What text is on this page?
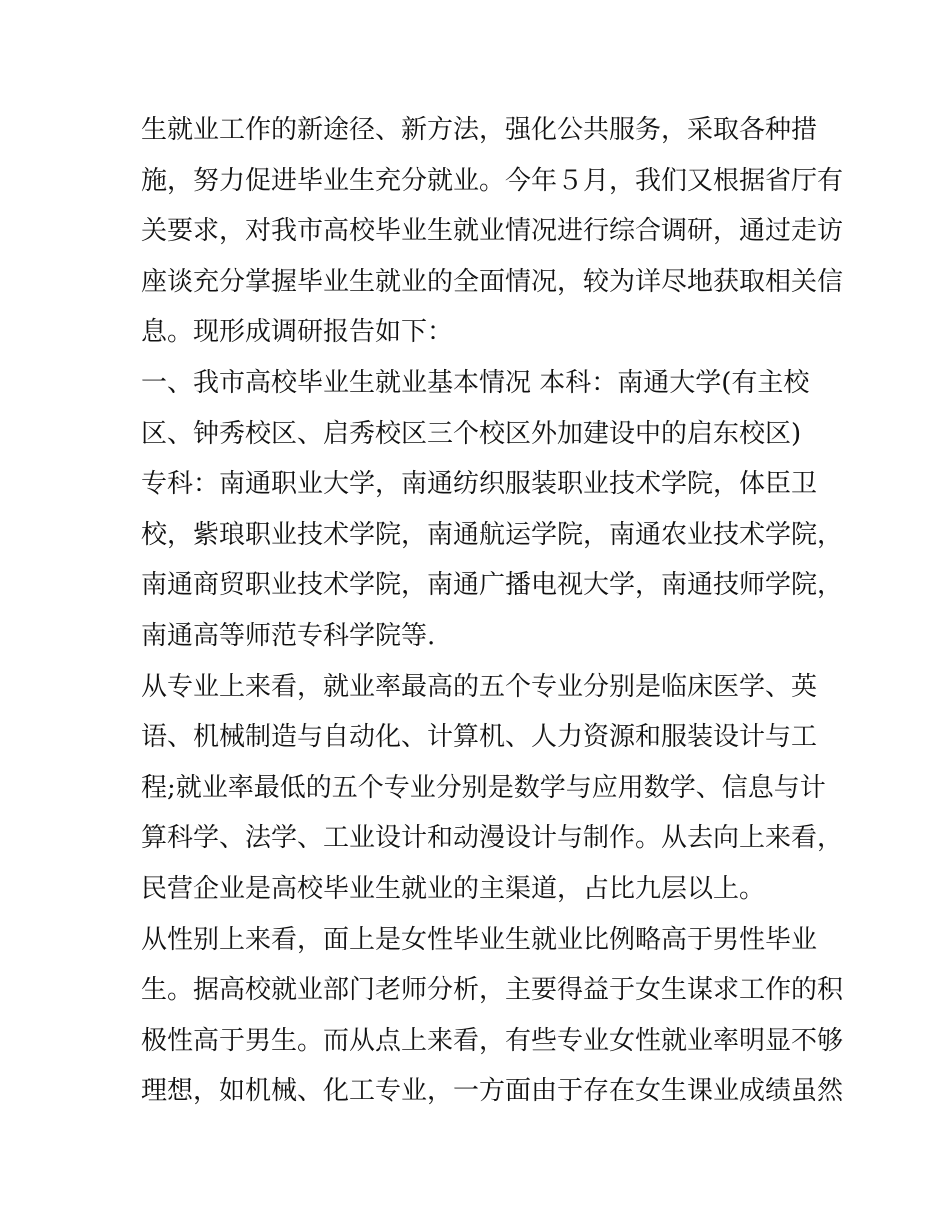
生就业工作的新途径、新方法，强化公共服务，采取各种措
施，努力促进毕业生充分就业。今年５月，我们又根据省厅有
关要求，对我市高校毕业生就业情况进行综合调研，通过走访
座谈充分掌握毕业生就业的全面情况，较为详尽地获取相关信
息。现形成调研报告如下：
一、我市高校毕业生就业基本情况 本科：南通大学(有主校
区、钟秀校区、启秀校区三个校区外加建设中的启东校区)
专科：南通职业大学，南通纺织服装职业技术学院，体臣卫
校，紫琅职业技术学院，南通航运学院，南通农业技术学院，
南通商贸职业技术学院，南通广播电视大学，南通技师学院，
南通高等师范专科学院等.
从专业上来看，就业率最高的五个专业分别是临床医学、英
语、机械制造与自动化、计算机、人力资源和服装设计与工
程;就业率最低的五个专业分别是数学与应用数学、信息与计
算科学、法学、工业设计和动漫设计与制作。从去向上来看，
民营企业是高校毕业生就业的主渠道，占比九层以上。
从性别上来看，面上是女性毕业生就业比例略高于男性毕业
生。据高校就业部门老师分析，主要得益于女生谋求工作的积
极性高于男生。而从点上来看，有些专业女性就业率明显不够
理想，如机械、化工专业，一方面由于存在女生课业成绩虽然
